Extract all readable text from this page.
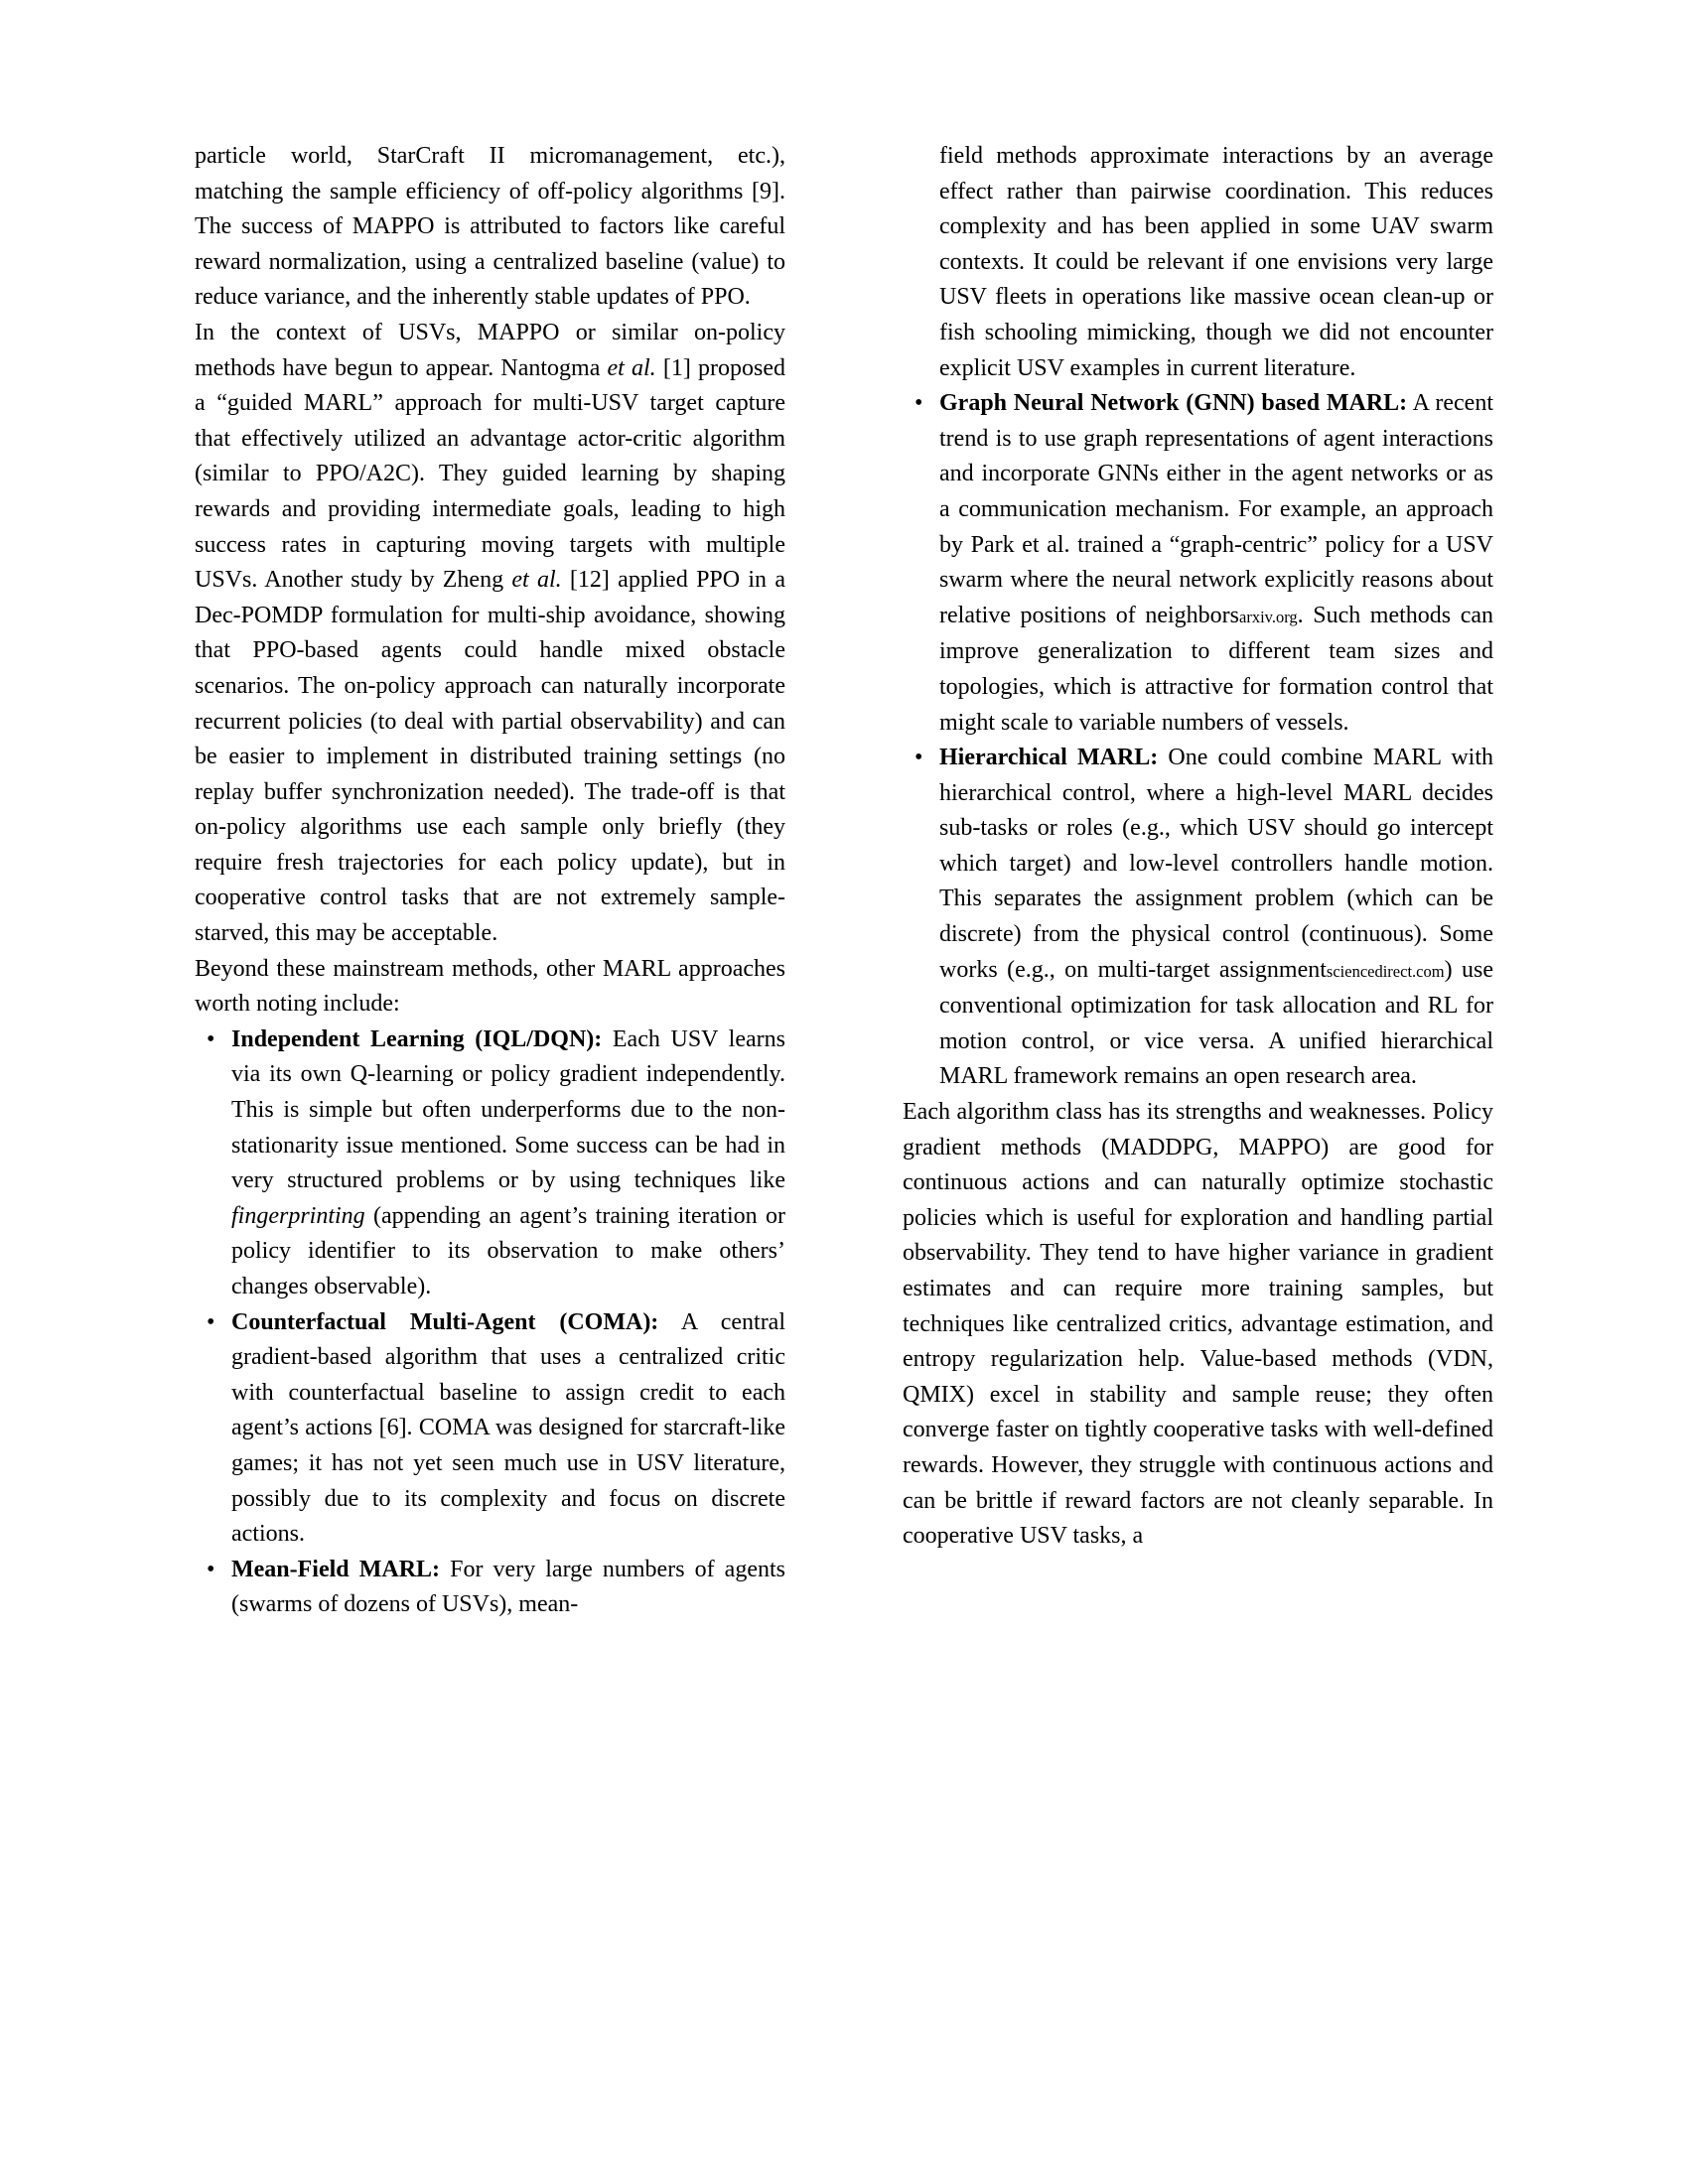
particle world, StarCraft II micromanagement, etc.), matching the sample efficiency of off-policy algorithms [9]. The success of MAPPO is attributed to factors like careful reward normalization, using a centralized baseline (value) to reduce variance, and the inherently stable updates of PPO.
In the context of USVs, MAPPO or similar on-policy methods have begun to appear. Nantogma et al. [1] proposed a “guided MARL” approach for multi-USV target capture that effectively utilized an advantage actor-critic algorithm (similar to PPO/A2C). They guided learning by shaping rewards and providing intermediate goals, leading to high success rates in capturing moving targets with multiple USVs. Another study by Zheng et al. [12] applied PPO in a Dec-POMDP formulation for multi-ship avoidance, showing that PPO-based agents could handle mixed obstacle scenarios. The on-policy approach can naturally incorporate recurrent policies (to deal with partial observability) and can be easier to implement in distributed training settings (no replay buffer synchronization needed). The trade-off is that on-policy algorithms use each sample only briefly (they require fresh trajectories for each policy update), but in cooperative control tasks that are not extremely sample-starved, this may be acceptable.
Beyond these mainstream methods, other MARL approaches worth noting include:
• Independent Learning (IQL/DQN): Each USV learns via its own Q-learning or policy gradient independently. This is simple but often underperforms due to the non-stationarity issue mentioned. Some success can be had in very structured problems or by using techniques like fingerprinting (appending an agent’s training iteration or policy identifier to its observation to make others’ changes observable).
• Counterfactual Multi-Agent (COMA): A central gradient-based algorithm that uses a centralized critic with counterfactual baseline to assign credit to each agent’s actions [6]. COMA was designed for starcraft-like games; it has not yet seen much use in USV literature, possibly due to its complexity and focus on discrete actions.
• Mean-Field MARL: For very large numbers of agents (swarms of dozens of USVs), mean-
field methods approximate interactions by an average effect rather than pairwise coordination. This reduces complexity and has been applied in some UAV swarm contexts. It could be relevant if one envisions very large USV fleets in operations like massive ocean clean-up or fish schooling mimicking, though we did not encounter explicit USV examples in current literature.
• Graph Neural Network (GNN) based MARL: A recent trend is to use graph representations of agent interactions and incorporate GNNs either in the agent networks or as a communication mechanism. For example, an approach by Park et al. trained a “graph-centric” policy for a USV swarm where the neural network explicitly reasons about relative positions of neighborsarxiv.org. Such methods can improve generalization to different team sizes and topologies, which is attractive for formation control that might scale to variable numbers of vessels.
• Hierarchical MARL: One could combine MARL with hierarchical control, where a high-level MARL decides sub-tasks or roles (e.g., which USV should go intercept which target) and low-level controllers handle motion. This separates the assignment problem (which can be discrete) from the physical control (continuous). Some works (e.g., on multi-target assignmentsciencedirect.com) use conventional optimization for task allocation and RL for motion control, or vice versa. A unified hierarchical MARL framework remains an open research area.
Each algorithm class has its strengths and weaknesses. Policy gradient methods (MADDPG, MAPPO) are good for continuous actions and can naturally optimize stochastic policies which is useful for exploration and handling partial observability. They tend to have higher variance in gradient estimates and can require more training samples, but techniques like centralized critics, advantage estimation, and entropy regularization help. Value-based methods (VDN, QMIX) excel in stability and sample reuse; they often converge faster on tightly cooperative tasks with well-defined rewards. However, they struggle with continuous actions and can be brittle if reward factors are not cleanly separable. In cooperative USV tasks, a
